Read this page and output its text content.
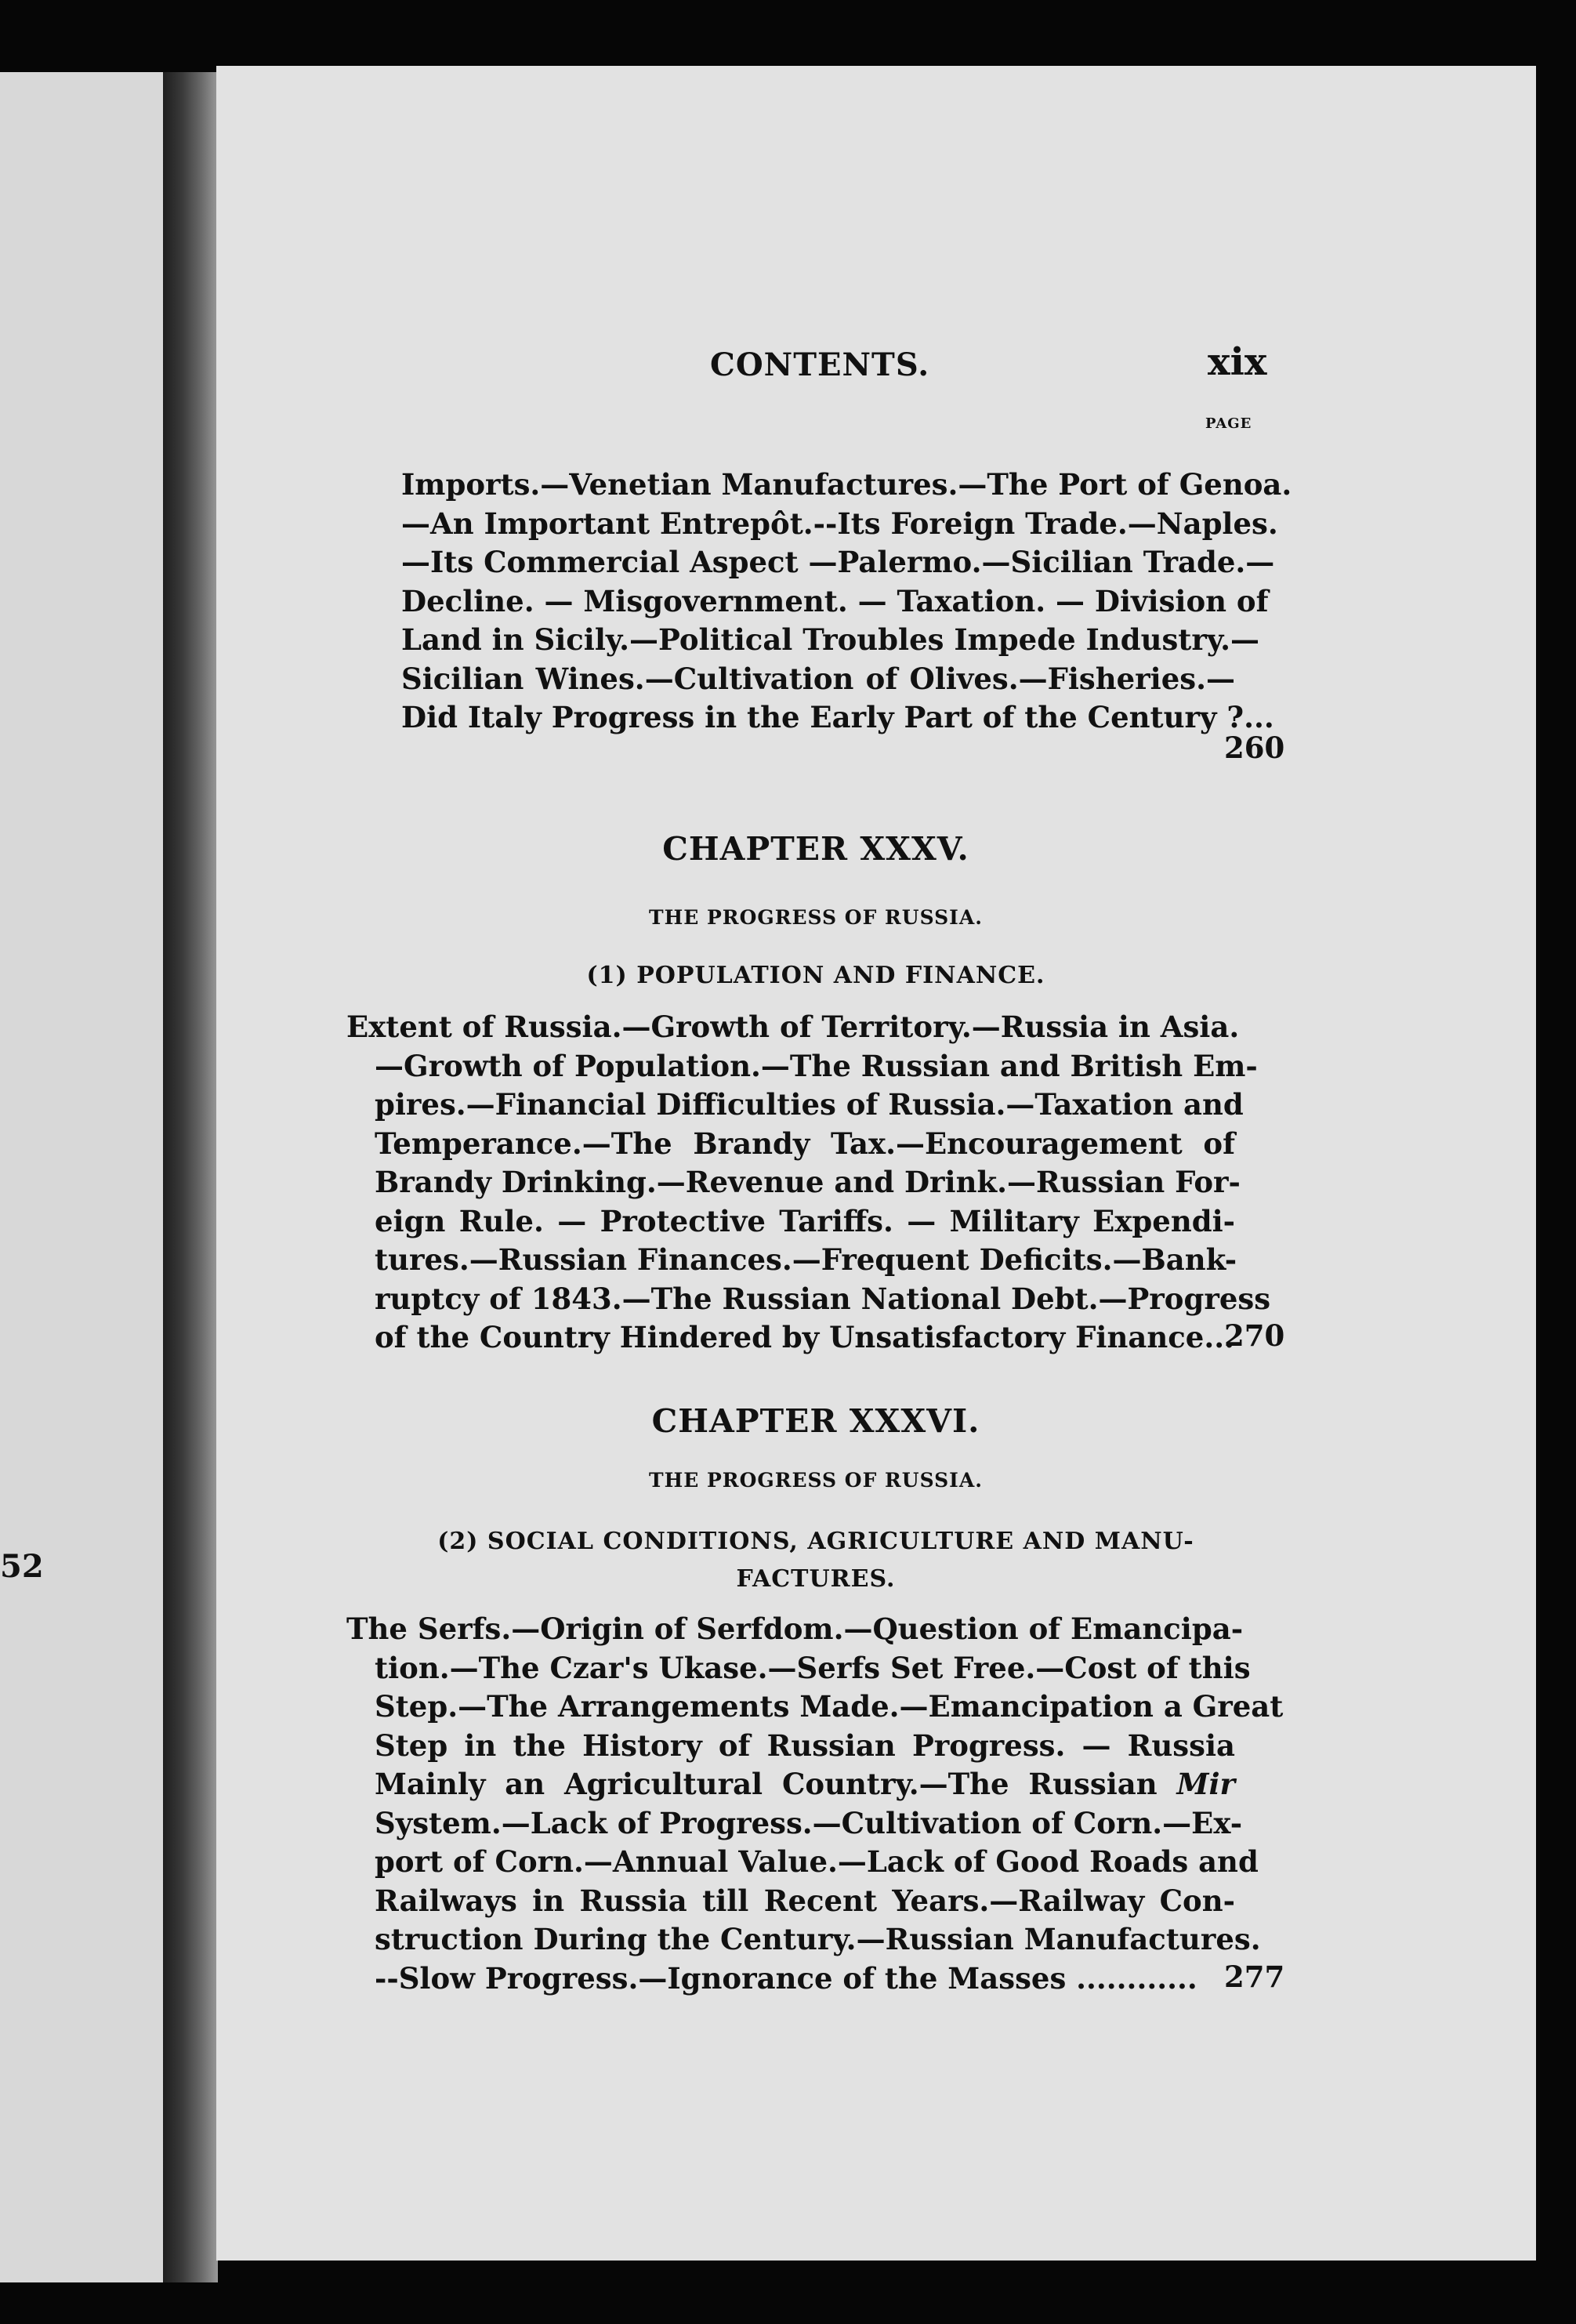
52
CONTENTS.	xix
PAGE
Imports.—Venetian Manufactures.—The Port of Genoa.
—An Important Entrepôt.--Its Foreign Trade.—Naples.
—Its Commercial Aspect —Palermo.—Sicilian Trade.—
Decline. — Misgovernment. — Taxation. — Division of
Land in Sicily.—Political Troubles Impede Industry.—
Sicilian Wines.—Cultivation of Olives.—Fisheries.—
Did Italy Progress in the Early Part of the Century ?...
260
CHAPTER XXXV.
THE PROGRESS OF RUSSIA.
(1) POPULATION AND FINANCE.
Extent of Russia.—Growth of Territory.—Russia in Asia.
—Growth of Population.—The Russian and British Em-
pires.—Financial Difficulties of Russia.—Taxation and
Temperance.—The Brandy Tax.—Encouragement of
Brandy Drinking.—Revenue and Drink.—Russian For-
eign Rule. — Protective Tariffs. — Military Expendi-
tures.—Russian Finances.—Frequent Deficits.—Bank-
ruptcy of 1843.—The Russian National Debt.—Progress
of the Country Hindered by Unsatisfactory Finance...
270
CHAPTER XXXVI.
THE PROGRESS OF RUSSIA.
(2) SOCIAL CONDITIONS, AGRICULTURE AND MANU-
FACTURES.
The Serfs.—Origin of Serfdom.—Question of Emancipa-
tion.—The Czar's Ukase.—Serfs Set Free.—Cost of this
Step.—The Arrangements Made.—Emancipation a Great
Step in the History of Russian Progress. — Russia
Mainly an Agricultural Country.—The Russian Mir
System.—Lack of Progress.—Cultivation of Corn.—Ex-
port of Corn.—Annual Value.—Lack of Good Roads and
Railways in Russia till Recent Years.—Railway Con-
struction During the Century.—Russian Manufactures.
--Slow Progress.—Ignorance of the Masses ............ 277
